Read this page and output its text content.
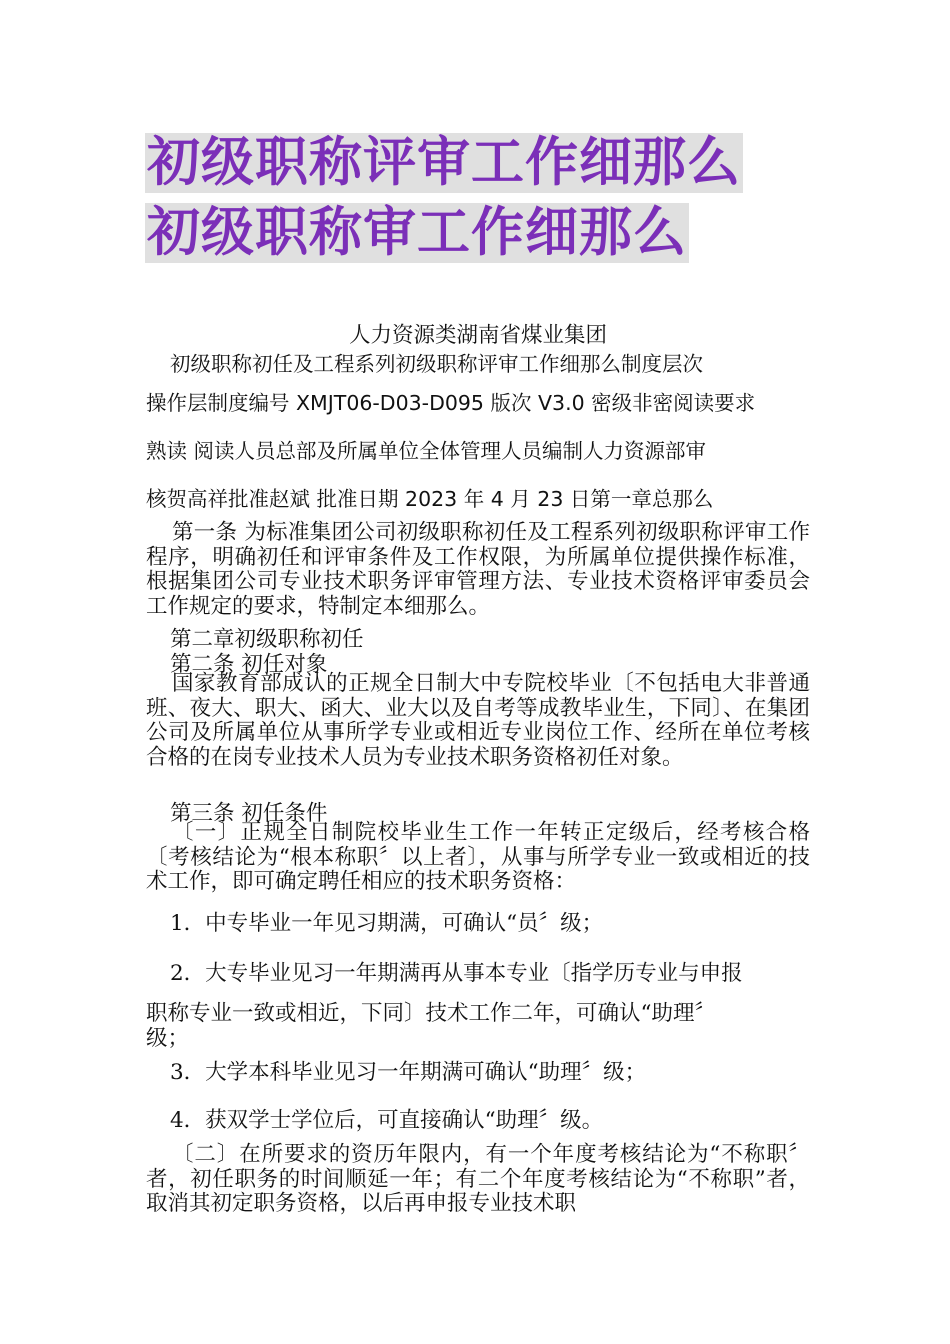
初级职称评审工作细那么
初级职称审工作细那么
人力资源类湖南省煤业集团
初级职称初任及工程系列初级职称评审工作细那么制度层次
操作层制度编号 XMJT06-D03-D095 版次 V3.0 密级非密阅读要求
熟读 阅读人员总部及所属单位全体管理人员编制人力资源部审
核贺高祥批准赵斌 批准日期 2023 年 4 月 23 日第一章总那么
第一条 为标准集团公司初级职称初任及工程系列初级职称评审工作程序，明确初任和评审条件及工作权限，为所属单位提供操作标准，根据集团公司专业技术职务评审管理方法、专业技术资格评审委员会工作规定的要求，特制定本细那么。
第二章初级职称初任
第二条 初任对象
国家教育部成认的正规全日制大中专院校毕业〔不包括电大非普通班、夜大、职大、函大、业大以及自考等成教毕业生，下同〕、在集团公司及所属单位从事所学专业或相近专业岗位工作、经所在单位考核合格的在岗专业技术人员为专业技术职务资格初任对象。
第三条 初任条件
〔一〕正规全日制院校毕业生工作一年转正定级后，经考核合格〔考核结论为“根本称职〞以上者〕，从事与所学专业一致或相近的技术工作，即可确定聘任相应的技术职务资格：
1．中专毕业一年见习期满，可确认“员〞级；
2．大专毕业见习一年期满再从事本专业〔指学历专业与申报
职称专业一致或相近，下同〕技术工作二年，可确认“助理〞
级；
3．大学本科毕业见习一年期满可确认“助理〞级；
4．获双学士学位后，可直接确认“助理〞级。
〔二〕在所要求的资历年限内，有一个年度考核结论为“不称职〞者，初任职务的时间顺延一年；有二个年度考核结论为“不称职”者，取消其初定职务资格，以后再申报专业技术职
